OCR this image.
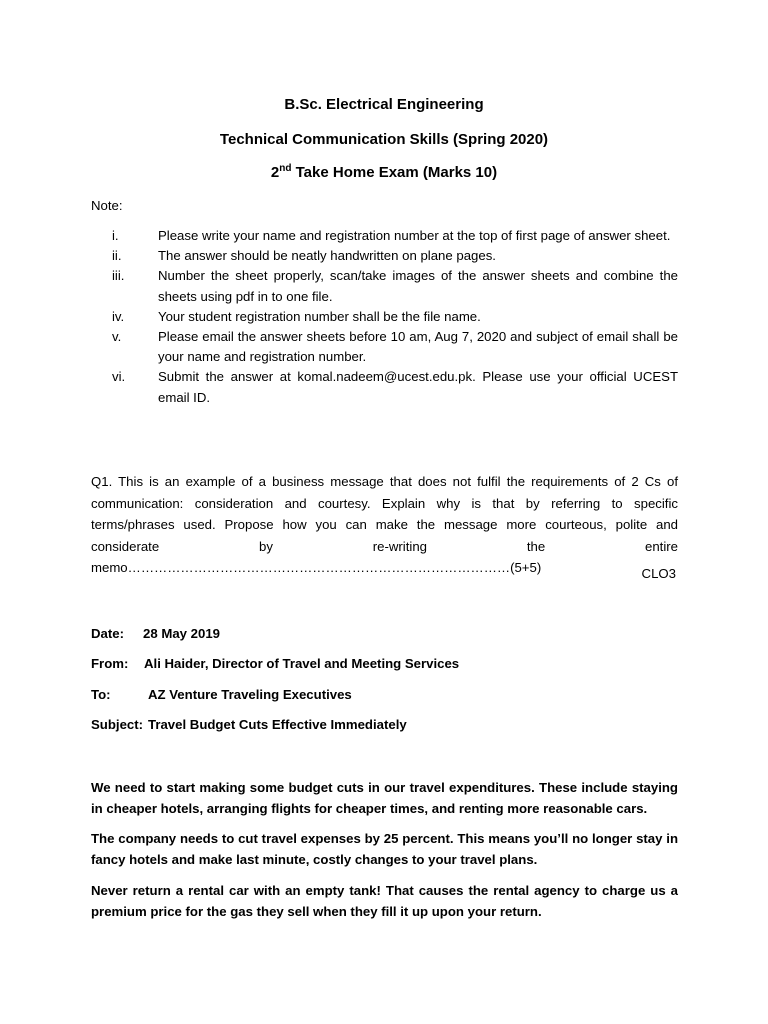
B.Sc. Electrical Engineering
Technical Communication Skills (Spring 2020)
2nd Take Home Exam (Marks 10)
Note:
i.	Please write your name and registration number at the top of first page of answer sheet.
ii.	The answer should be neatly handwritten on plane pages.
iii.	Number the sheet properly, scan/take images of the answer sheets and combine the sheets using pdf in to one file.
iv.	Your student registration number shall be the file name.
v.	Please email the answer sheets before 10 am, Aug 7, 2020 and subject of email shall be your name and registration number.
vi.	Submit the answer at komal.nadeem@ucest.edu.pk. Please use your official UCEST email ID.
Q1. This is an example of a business message that does not fulfil the requirements of 2 Cs of communication: consideration and courtesy. Explain why is that by referring to specific terms/phrases used. Propose how you can make the message more courteous, polite and considerate by re-writing the entire memo……………………………………………………………………………(5+5)	CLO3
Date: 28 May 2019
From: Ali Haider, Director of Travel and Meeting Services
To:	AZ Venture Traveling Executives
Subject: Travel Budget Cuts Effective Immediately
We need to start making some budget cuts in our travel expenditures. These include staying in cheaper hotels, arranging flights for cheaper times, and renting more reasonable cars.
The company needs to cut travel expenses by 25 percent. This means you’ll no longer stay in fancy hotels and make last minute, costly changes to your travel plans.
Never return a rental car with an empty tank! That causes the rental agency to charge us a premium price for the gas they sell when they fill it up upon your return.
